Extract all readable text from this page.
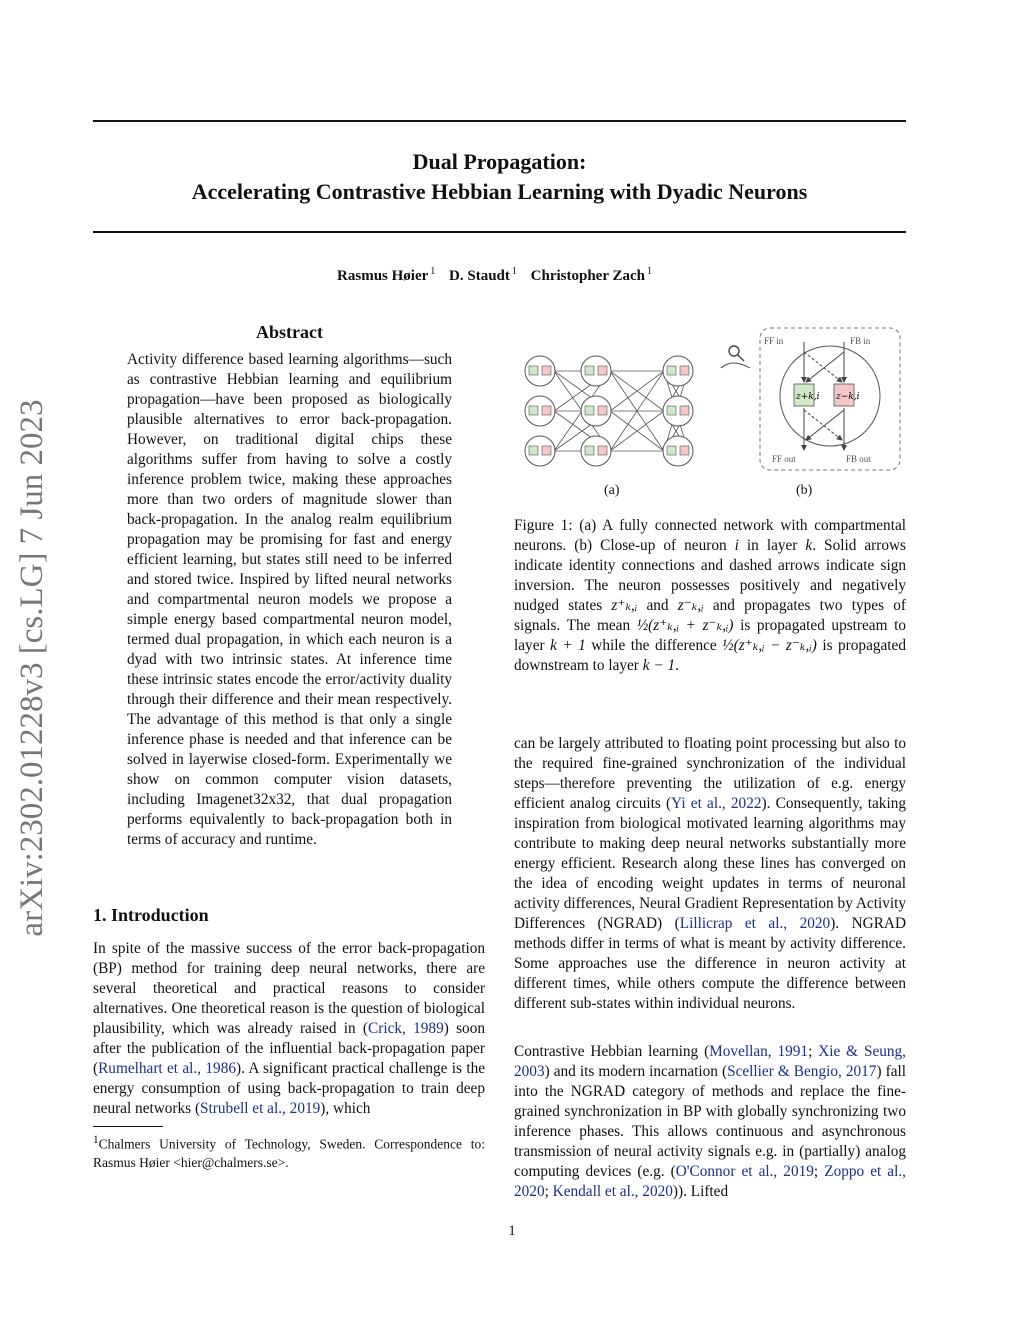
arXiv:2302.01228v3 [cs.LG] 7 Jun 2023
Dual Propagation:
Accelerating Contrastive Hebbian Learning with Dyadic Neurons
Rasmus Høier $^1$ D. Staudt $^1$ Christopher Zach $^1$
Abstract

Activity difference based learning algorithms—such as contrastive Hebbian learning and equilibrium propagation—have been proposed as biologically plausible alternatives to error back-propagation. However, on traditional digital chips these algorithms suffer from having to solve a costly inference problem twice, making these approaches more than two orders of magnitude slower than back-propagation. In the analog realm equilibrium propagation may be promising for fast and energy efficient learning, but states still need to be inferred and stored twice. Inspired by lifted neural networks and compartmental neuron models we propose a simple energy based compartmental neuron model, termed dual propagation, in which each neuron is a dyad with two intrinsic states. At inference time these intrinsic states encode the error/activity duality through their difference and their mean respectively. The advantage of this method is that only a single inference phase is needed and that inference can be solved in layerwise closed-form. Experimentally we show on common computer vision datasets, including Imagenet32x32, that dual propagation performs equivalently to back-propagation both in terms of accuracy and runtime.

1. Introduction

In spite of the massive success of the error back-propagation (BP) method for training deep neural networks, there are several theoretical and practical reasons to consider alternatives. One theoretical reason is the question of biological plausibility, which was already raised in (Crick, 1989) soon after the publication of the influential back-propagation paper (Rumelhart et al., 1986). A significant practical challenge is the energy consumption of using back-propagation to train deep neural networks (Strubell et al., 2019), which

$^1$Chalmers University of Technology, Sweden. Correspondence to: Rasmus Høier <hier@chalmers.se>.
z+k,i z−k,i
FF in	FB in
FF out	FB out
(a)	(b)

Figure 1: (a) A fully connected network with compartmental neurons. (b) Close-up of neuron i in layer k. Solid arrows indicate identity connections and dashed arrows indicate sign inversion. The neuron possesses positively and negatively nudged states z⁺ₖ,ᵢ and z⁻ₖ,ᵢ and propagates two types of signals. The mean ½(z⁺ₖ,ᵢ + z⁻ₖ,ᵢ) is propagated upstream to layer k + 1 while the difference ½(z⁺ₖ,ᵢ − z⁻ₖ,ᵢ) is propagated downstream to layer k − 1.

can be largely attributed to floating point processing but also to the required fine-grained synchronization of the individual steps—therefore preventing the utilization of e.g. energy efficient analog circuits (Yi et al., 2022). Consequently, taking inspiration from biological motivated learning algorithms may contribute to making deep neural networks substantially more energy efficient. Research along these lines has converged on the idea of encoding weight updates in terms of neuronal activity differences, Neural Gradient Representation by Activity Differences (NGRAD) (Lillicrap et al., 2020). NGRAD methods differ in terms of what is meant by activity difference. Some approaches use the difference in neuron activity at different times, while others compute the difference between different sub-states within individual neurons.

Contrastive Hebbian learning (Movellan, 1991; Xie & Seung, 2003) and its modern incarnation (Scellier & Bengio, 2017) fall into the NGRAD category of methods and replace the fine-grained synchronization in BP with globally synchronizing two inference phases. This allows continuous and asynchronous transmission of neural activity signals e.g. in (partially) analog computing devices (e.g. (O'Connor et al., 2019; Zoppo et al., 2020; Kendall et al., 2020)). Lifted

1
